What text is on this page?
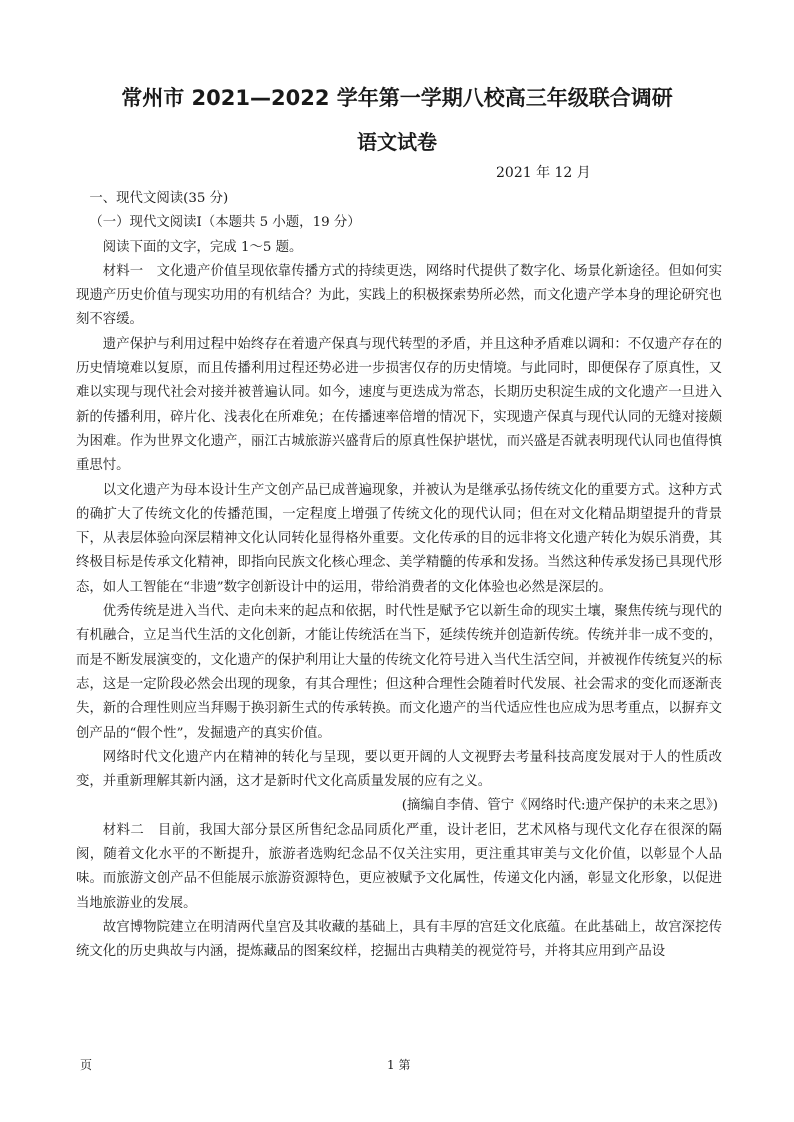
常州市 2021—2022 学年第一学期八校高三年级联合调研
语文试卷
2021 年 12 月

一、现代文阅读(35 分)

（一）现代文阅读Ⅰ（本题共 5 小题，19 分）

阅读下面的文字，完成 1～5 题。

材料一　文化遗产价值呈现依靠传播方式的持续更迭，网络时代提供了数字化、场景化新途径。但如何实现遗产历史价值与现实功用的有机结合？为此，实践上的积极探索势所必然，而文化遗产学本身的理论研究也刻不容缓。

遗产保护与利用过程中始终存在着遗产保真与现代转型的矛盾，并且这种矛盾难以调和：不仅遗产存在的历史情境难以复原，而且传播利用过程还势必进一步损害仅存的历史情境。与此同时，即便保存了原真性，又难以实现与现代社会对接并被普遍认同。如今，速度与更迭成为常态，长期历史积淀生成的文化遗产一旦进入新的传播利用，碎片化、浅表化在所难免；在传播速率倍增的情况下，实现遗产保真与现代认同的无缝对接颇为困难。作为世界文化遗产，丽江古城旅游兴盛背后的原真性保护堪忧，而兴盛是否就表明现代认同也值得慎重思忖。

以文化遗产为母本设计生产文创产品已成普遍现象，并被认为是继承弘扬传统文化的重要方式。这种方式的确扩大了传统文化的传播范围，一定程度上增强了传统文化的现代认同；但在对文化精品期望提升的背景下，从表层体验向深层精神文化认同转化显得格外重要。文化传承的目的远非将文化遗产转化为娱乐消费，其终极目标是传承文化精神，即指向民族文化核心理念、美学精髓的传承和发扬。当然这种传承发扬已具现代形态，如人工智能在“非遗”数字创新设计中的运用，带给消费者的文化体验也必然是深层的。

优秀传统是进入当代、走向未来的起点和依据，时代性是赋予它以新生命的现实土壤，聚焦传统与现代的有机融合，立足当代生活的文化创新，才能让传统活在当下，延续传统并创造新传统。传统并非一成不变的，而是不断发展演变的，文化遗产的保护利用让大量的传统文化符号进入当代生活空间，并被视作传统复兴的标志，这是一定阶段必然会出现的现象，有其合理性；但这种合理性会随着时代发展、社会需求的变化而逐渐丧失，新的合理性则应当拜赐于换羽新生式的传承转换。而文化遗产的当代适应性也应成为思考重点，以摒弃文创产品的“假个性”，发掘遗产的真实价值。

网络时代文化遗产内在精神的转化与呈现，要以更开阔的人文视野去考量科技高度发展对于人的性质改变，并重新理解其新内涵，这才是新时代文化高质量发展的应有之义。

(摘编自李倩、管宁《网络时代:遗产保护的未来之思》)

材料二　目前，我国大部分景区所售纪念品同质化严重，设计老旧，艺术风格与现代文化存在很深的隔阂，随着文化水平的不断提升，旅游者选购纪念品不仅关注实用，更注重其审美与文化价值，以彰显个人品味。而旅游文创产品不但能展示旅游资源特色，更应被赋予文化属性，传递文化内涵，彰显文化形象，以促进当地旅游业的发展。

故宫博物院建立在明清两代皇宫及其收藏的基础上，具有丰厚的宫廷文化底蕴。在此基础上，故宫深挖传统文化的历史典故与内涵，提炼藏品的图案纹样，挖掘出古典精美的视觉符号，并将其应用到产品设

页	1 第
